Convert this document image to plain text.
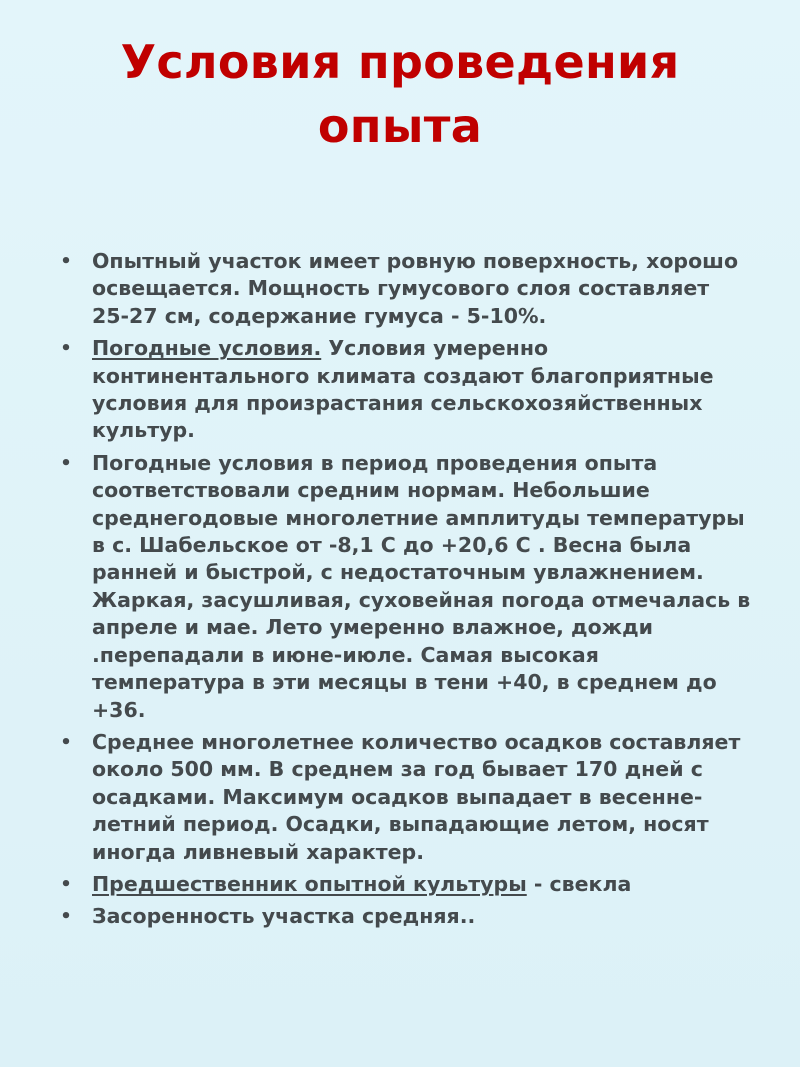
Условия проведения
опыта
• Опытный участок имеет ровную поверхность, хорошо освещается. Мощность гумусового слоя составляет 25-27 см, содержание гумуса - 5-10%.
• Погодные условия. Условия умеренно континентального климата создают благоприятные условия для произрастания сельскохозяйственных культур.
• Погодные условия в период проведения опыта соответствовали средним нормам. Небольшие среднегодовые многолетние амплитуды температуры в с. Шабельское от -8,1 С до +20,6 С . Весна была ранней и быстрой, с недостаточным увлажнением. Жаркая, засушливая, суховейная погода отмечалась в апреле и мае. Лето умеренно влажное, дожди .перепадали в июне-июле. Самая высокая температура в эти месяцы в тени +40, в среднем до +36.
• Среднее многолетнее количество осадков составляет около 500 мм. В среднем за год бывает 170 дней с осадками. Максимум осадков выпадает в весенне-летний период. Осадки, выпадающие летом, носят иногда ливневый характер.
• Предшественник опытной культуры - свекла
• Засоренность участка средняя..
